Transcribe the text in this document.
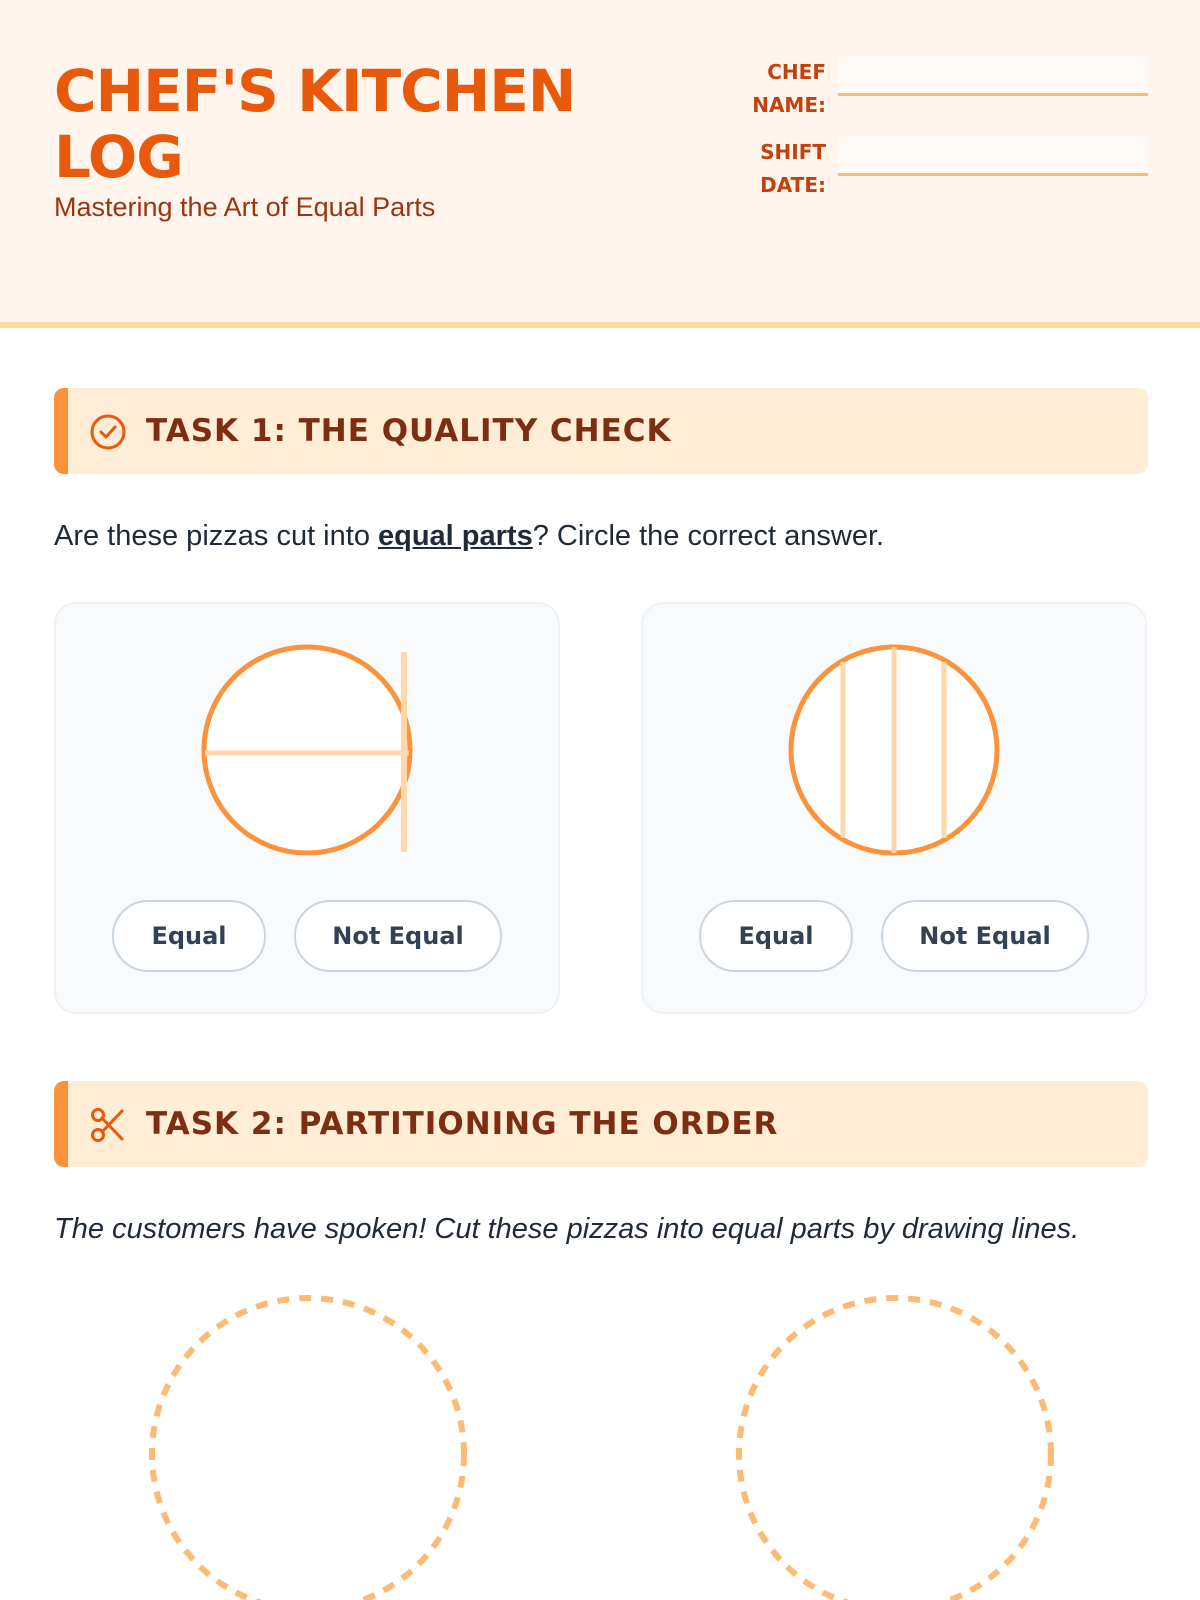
CHEF'S KITCHEN LOG
Mastering the Art of Equal Parts
CHEF
NAME:
SHIFT
DATE:
TASK 1: THE QUALITY CHECK
Are these pizzas cut into equal parts? Circle the correct answer.
Equal	Not Equal	Equal	Not Equal
TASK 2: PARTITIONING THE ORDER
The customers have spoken! Cut these pizzas into equal parts by drawing lines.
